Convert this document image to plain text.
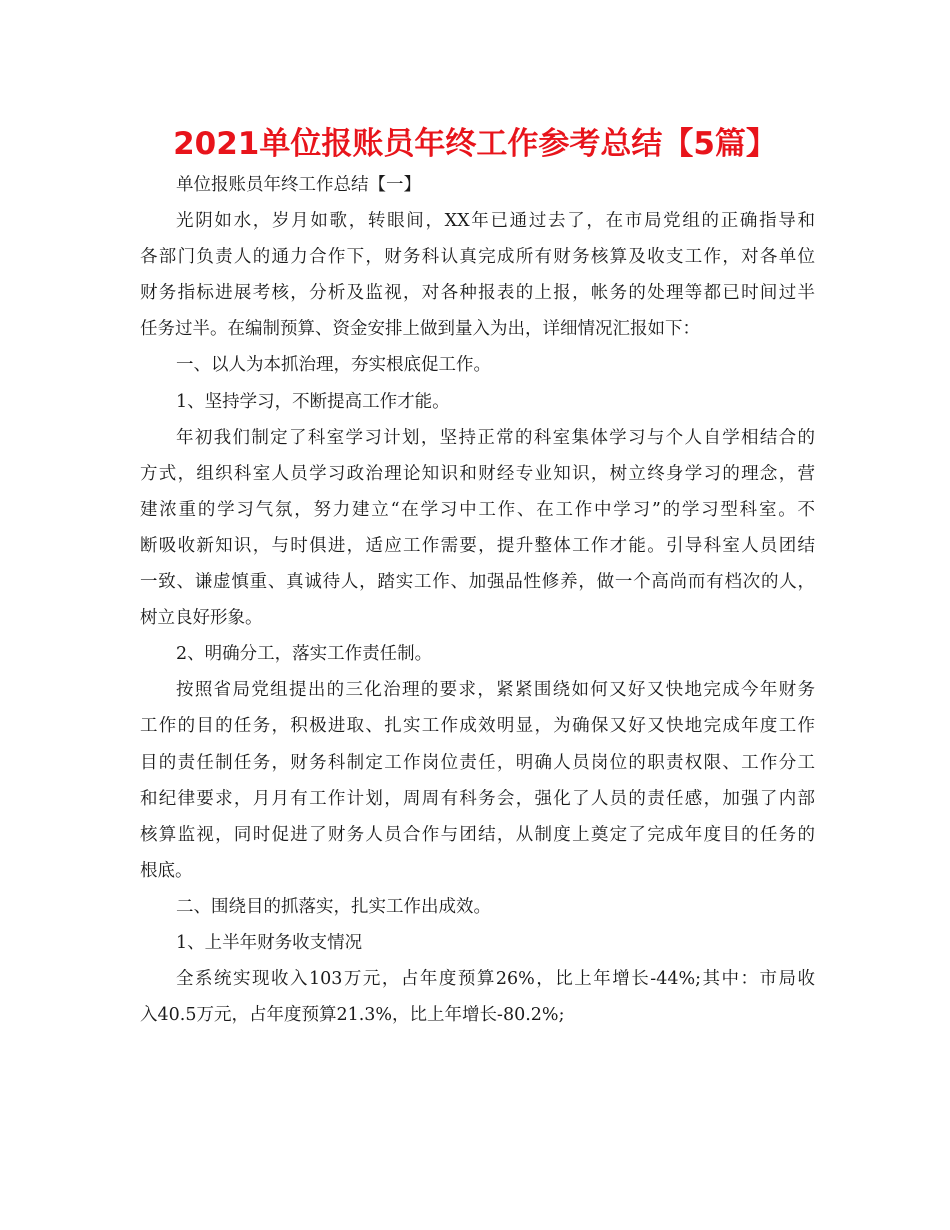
2021单位报账员年终工作参考总结【5篇】
单位报账员年终工作总结【一】
光阴如水，岁月如歌，转眼间，XX年已通过去了，在市局党组的正确指导和
各部门负责人的通力合作下，财务科认真完成所有财务核算及收支工作，对各单位
财务指标进展考核，分析及监视，对各种报表的上报，帐务的处理等都已时间过半
任务过半。在编制预算、资金安排上做到量入为出，详细情况汇报如下：
一、以人为本抓治理，夯实根底促工作。
1、坚持学习，不断提高工作才能。
年初我们制定了科室学习计划，坚持正常的科室集体学习与个人自学相结合的
方式，组织科室人员学习政治理论知识和财经专业知识，树立终身学习的理念，营
建浓重的学习气氛，努力建立“在学习中工作、在工作中学习”的学习型科室。不
断吸收新知识，与时俱进，适应工作需要，提升整体工作才能。引导科室人员团结
一致、谦虚慎重、真诚待人，踏实工作、加强品性修养，做一个高尚而有档次的人，
树立良好形象。
2、明确分工，落实工作责任制。
按照省局党组提出的三化治理的要求，紧紧围绕如何又好又快地完成今年财务
工作的目的任务，积极进取、扎实工作成效明显，为确保又好又快地完成年度工作
目的责任制任务，财务科制定工作岗位责任，明确人员岗位的职责权限、工作分工
和纪律要求，月月有工作计划，周周有科务会，强化了人员的责任感，加强了内部
核算监视，同时促进了财务人员合作与团结，从制度上奠定了完成年度目的任务的
根底。
二、围绕目的抓落实，扎实工作出成效。
1、上半年财务收支情况
全系统实现收入103万元，占年度预算26%，比上年增长-44%;其中：市局收
入40.5万元，占年度预算21.3%，比上年增长-80.2%;
